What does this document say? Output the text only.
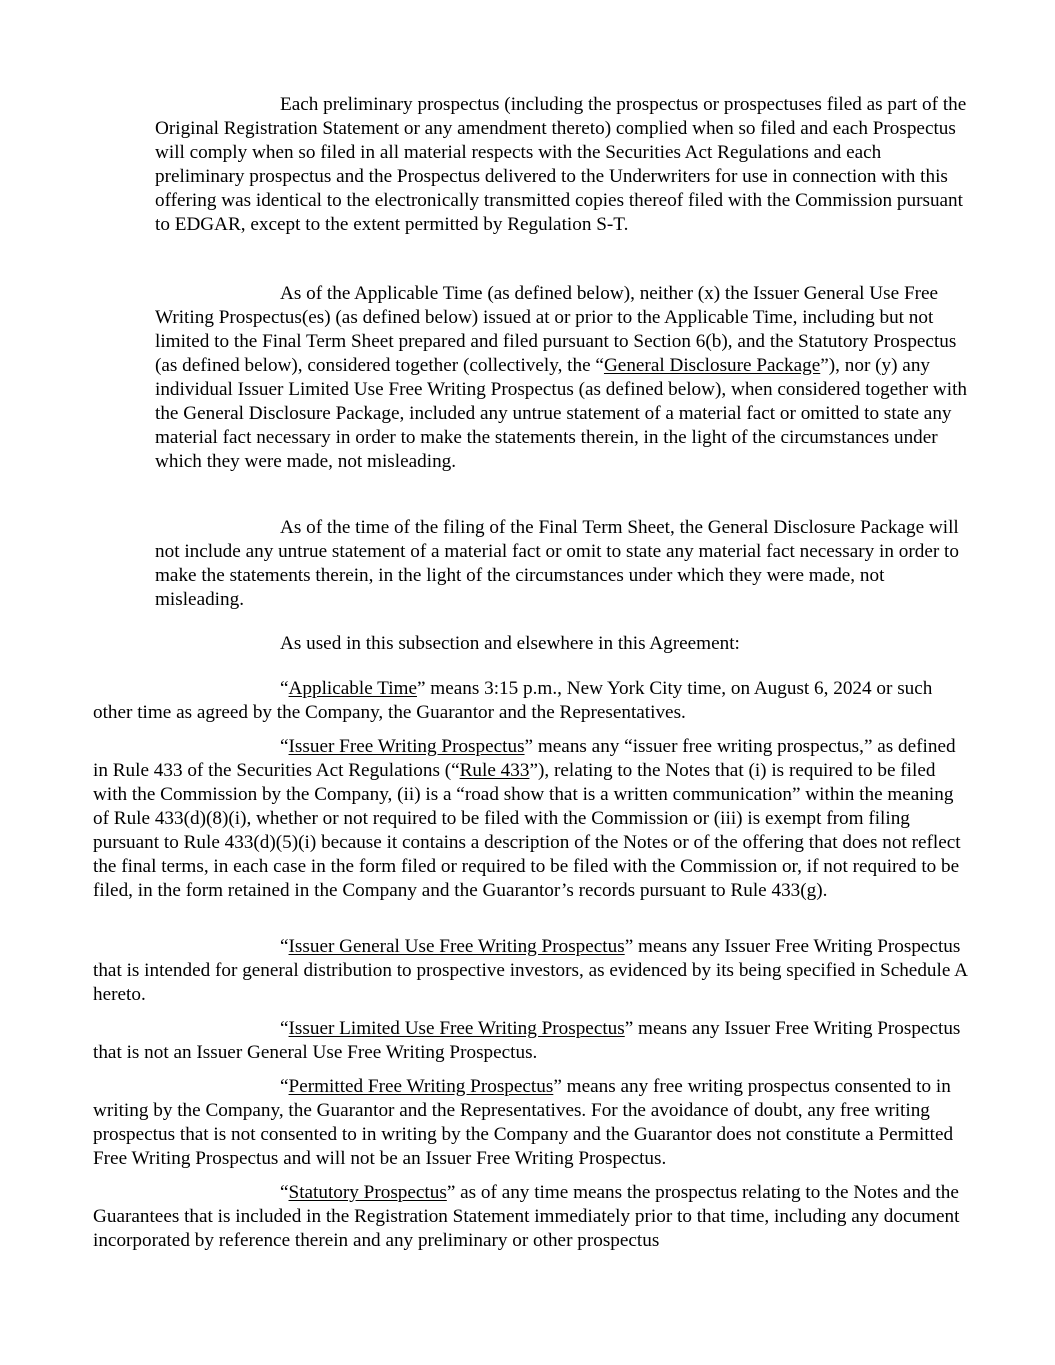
Each preliminary prospectus (including the prospectus or prospectuses filed as part of the Original Registration Statement or any amendment thereto) complied when so filed and each Prospectus will comply when so filed in all material respects with the Securities Act Regulations and each preliminary prospectus and the Prospectus delivered to the Underwriters for use in connection with this offering was identical to the electronically transmitted copies thereof filed with the Commission pursuant to EDGAR, except to the extent permitted by Regulation S-T.

As of the Applicable Time (as defined below), neither (x) the Issuer General Use Free Writing Prospectus(es) (as defined below) issued at or prior to the Applicable Time, including but not limited to the Final Term Sheet prepared and filed pursuant to Section 6(b), and the Statutory Prospectus (as defined below), considered together (collectively, the “General Disclosure Package”), nor (y) any individual Issuer Limited Use Free Writing Prospectus (as defined below), when considered together with the General Disclosure Package, included any untrue statement of a material fact or omitted to state any material fact necessary in order to make the statements therein, in the light of the circumstances under which they were made, not misleading.

As of the time of the filing of the Final Term Sheet, the General Disclosure Package will not include any untrue statement of a material fact or omit to state any material fact necessary in order to make the statements therein, in the light of the circumstances under which they were made, not misleading.

As used in this subsection and elsewhere in this Agreement:

“Applicable Time” means 3:15 p.m., New York City time, on August 6, 2024 or such other time as agreed by the Company, the Guarantor and the Representatives.

“Issuer Free Writing Prospectus” means any “issuer free writing prospectus,” as defined in Rule 433 of the Securities Act Regulations (“Rule 433”), relating to the Notes that (i) is required to be filed with the Commission by the Company, (ii) is a “road show that is a written communication” within the meaning of Rule 433(d)(8)(i), whether or not required to be filed with the Commission or (iii) is exempt from filing pursuant to Rule 433(d)(5)(i) because it contains a description of the Notes or of the offering that does not reflect the final terms, in each case in the form filed or required to be filed with the Commission or, if not required to be filed, in the form retained in the Company and the Guarantor’s records pursuant to Rule 433(g).

“Issuer General Use Free Writing Prospectus” means any Issuer Free Writing Prospectus that is intended for general distribution to prospective investors, as evidenced by its being specified in Schedule A hereto.

“Issuer Limited Use Free Writing Prospectus” means any Issuer Free Writing Prospectus that is not an Issuer General Use Free Writing Prospectus.

“Permitted Free Writing Prospectus” means any free writing prospectus consented to in writing by the Company, the Guarantor and the Representatives. For the avoidance of doubt, any free writing prospectus that is not consented to in writing by the Company and the Guarantor does not constitute a Permitted Free Writing Prospectus and will not be an Issuer Free Writing Prospectus.

“Statutory Prospectus” as of any time means the prospectus relating to the Notes and the Guarantees that is included in the Registration Statement immediately prior to that time, including any document incorporated by reference therein and any preliminary or other prospectus
